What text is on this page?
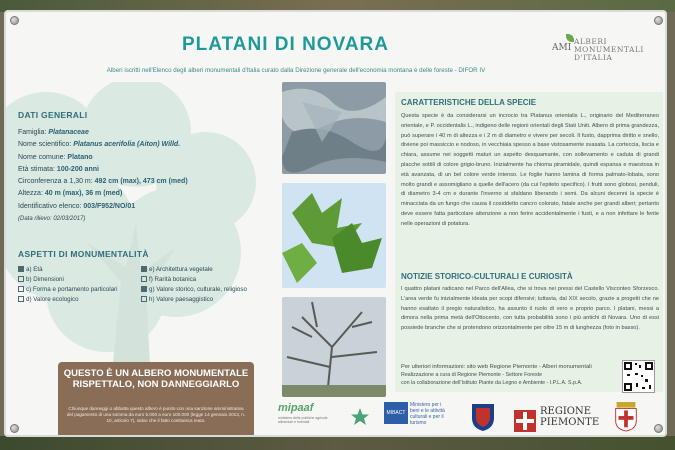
PLATANI DI NOVARA
Alberi iscritti nell'Elenco degli alberi monumentali d'Italia curato dalla Direzione generale dell'economia montana e delle foreste - DIFOR IV
AMI
ALBERI MONUMENTALI D'ITALIA
DATI GENERALI
Famiglia: Platanaceae
Nome scientifico: Platanus acerifolia (Aiton) Willd.
Nome comune: Platano
Età stimata: 100-200 anni
Circonferenza a 1,30 m: 492 cm (max), 473 cm (med)
Altezza: 40 m (max), 36 m (med)
Identificativo elenco: 003/F952/NO/01
(Data rilievo: 02/03/2017)
ASPETTI DI MONUMENTALITÀ
a) Età
b) Dimensioni
c) Forma e portamento particolari
d) Valore ecologico
e) Architettura vegetale
f) Rarità botanica
g) Valore storico, culturale, religioso
h) Valore paesaggistico
QUESTO È UN ALBERO MONUMENTALE
RISPETTALO, NON DANNEGGIARLO
Chiunque danneggi o abbatta questo albero è punito con una sanzione amministrativa del pagamento di una somma da euro 5.000 a euro 100.000 (legge 14 gennaio 2013, n. 10, articolo 7), salvo che il fatto costituisca reato.
CARATTERISTICHE DELLA SPECIE
Questa specie è da considerarsi un incrocio tra Platanus orientalis L., originario del Mediterraneo orientale, e P. occidentalis L., indigeno delle regioni orientali degli Stati Uniti. Albero di prima grandezza, può superare i 40 m di altezza e i 2 m di diametro e vivere per secoli. Il fusto, dapprima diritto e snello, diviene poi massiccio e nodoso, in vecchiaia spesso a base vistosamente svasata. La corteccia, liscia e chiara, assume nei soggetti maturi un aspetto desquamante, con sollevamento e caduta di grandi placche sottili di colore grigio-bruno. Inizialmente ha chioma piramidale, quindi espansa e maestosa in età avanzata, di un bel colore verde intenso. Le foglie hanno lamina di forma palmato-lobata, sono molto grandi e assomigliano a quelle dell'acero (da cui l'epiteto specifico). I frutti sono globosi, penduli, di diametro 3-4 cm e durante l'inverno si sfaldano liberando i semi. Da alcuni decenni la specie è minacciata da un fungo che causa il cosiddetto cancro colorato, fatale anche per grandi alberi; pertanto deve essere fatta particolare attenzione a non ferire accidentalmente i fusti, e a non infettare le ferite nelle operazioni di potatura.
NOTIZIE STORICO-CULTURALI E CURIOSITÀ
I quattro platani radicano nel Parco dell'Allea, che si trova nei pressi del Castello Visconteo Sforzesco. L'area verde fu inizialmente ideata per scopi difensivi; tuttavia, dal XIX secolo, grazie a progetti che ne hanno esaltato il pregio naturalistico, ha assunto il ruolo di vero e proprio parco. I platani, messi a dimora nella prima metà dell'Ottocento, con tutta probabilità sono i più antichi di Novara. Uno di essi possiede branche che si protendono orizzontalmente per oltre 15 m di lunghezza (foto in basso).
Per ulteriori informazioni: sito web Regione Piemonte - Alberi monumentali
Realizzazione a cura di Regione Piemonte - Settore Foreste
con la collaborazione dell'Istituto Piante da Legno e Ambiente - I.P.L.A. S.p.A.
mipaaf
ministero delle politiche agricole alimentari e forestali
MIBACTMinistero per i beni e le attività culturali e per il turismo
REGIONE PIEMONTE
